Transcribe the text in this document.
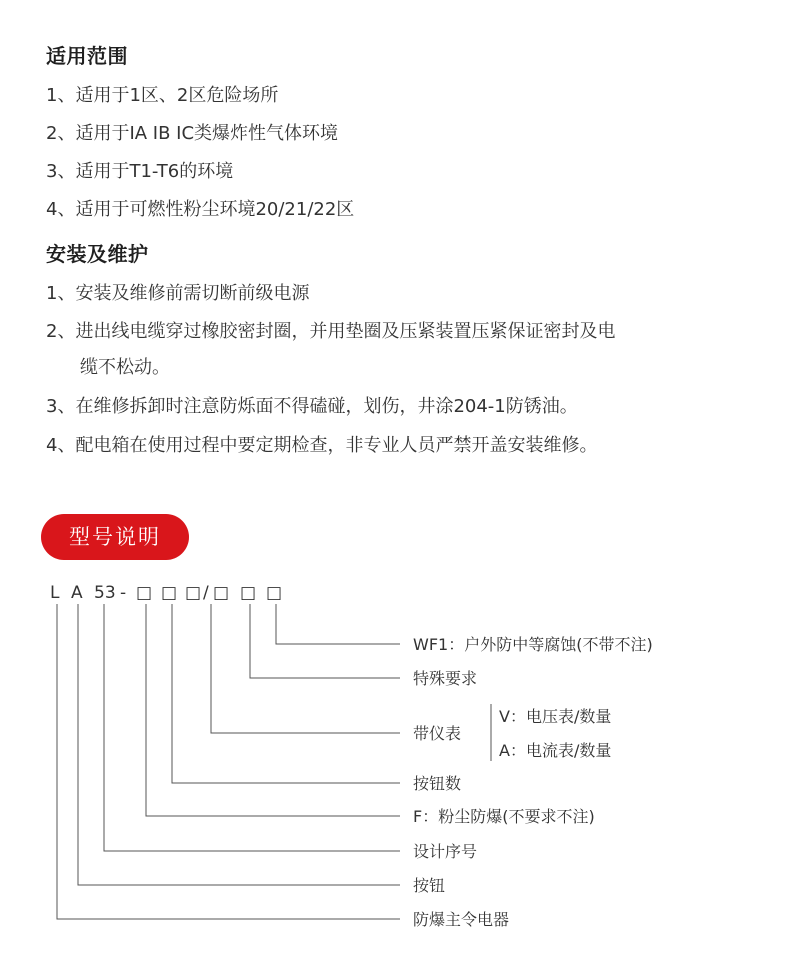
适用范围
1、适用于1区、2区危险场所
2、适用于IA IB IC类爆炸性气体环境
3、适用于T1-T6的环境
4、适用于可燃性粉尘环境20/21/22区
安装及维护
1、安装及维修前需切断前级电源
2、进出线电缆穿过橡胶密封圈，并用垫圈及压紧装置压紧保证密封及电
缆不松动。
3、在维修拆卸时注意防烁面不得磕碰，划伤，井涂204-1防锈油。
4、配电箱在使用过程中要定期检查，非专业人员严禁开盖安装维修。
型号说明
L A 53 - □ □ □ / □ □ □
WF1：户外防中等腐蚀(不带不注)
特殊要求
带仪表
V：电压表/数量
A：电流表/数量
按钮数
F：粉尘防爆(不要求不注)
设计序号
按钮
防爆主令电器
